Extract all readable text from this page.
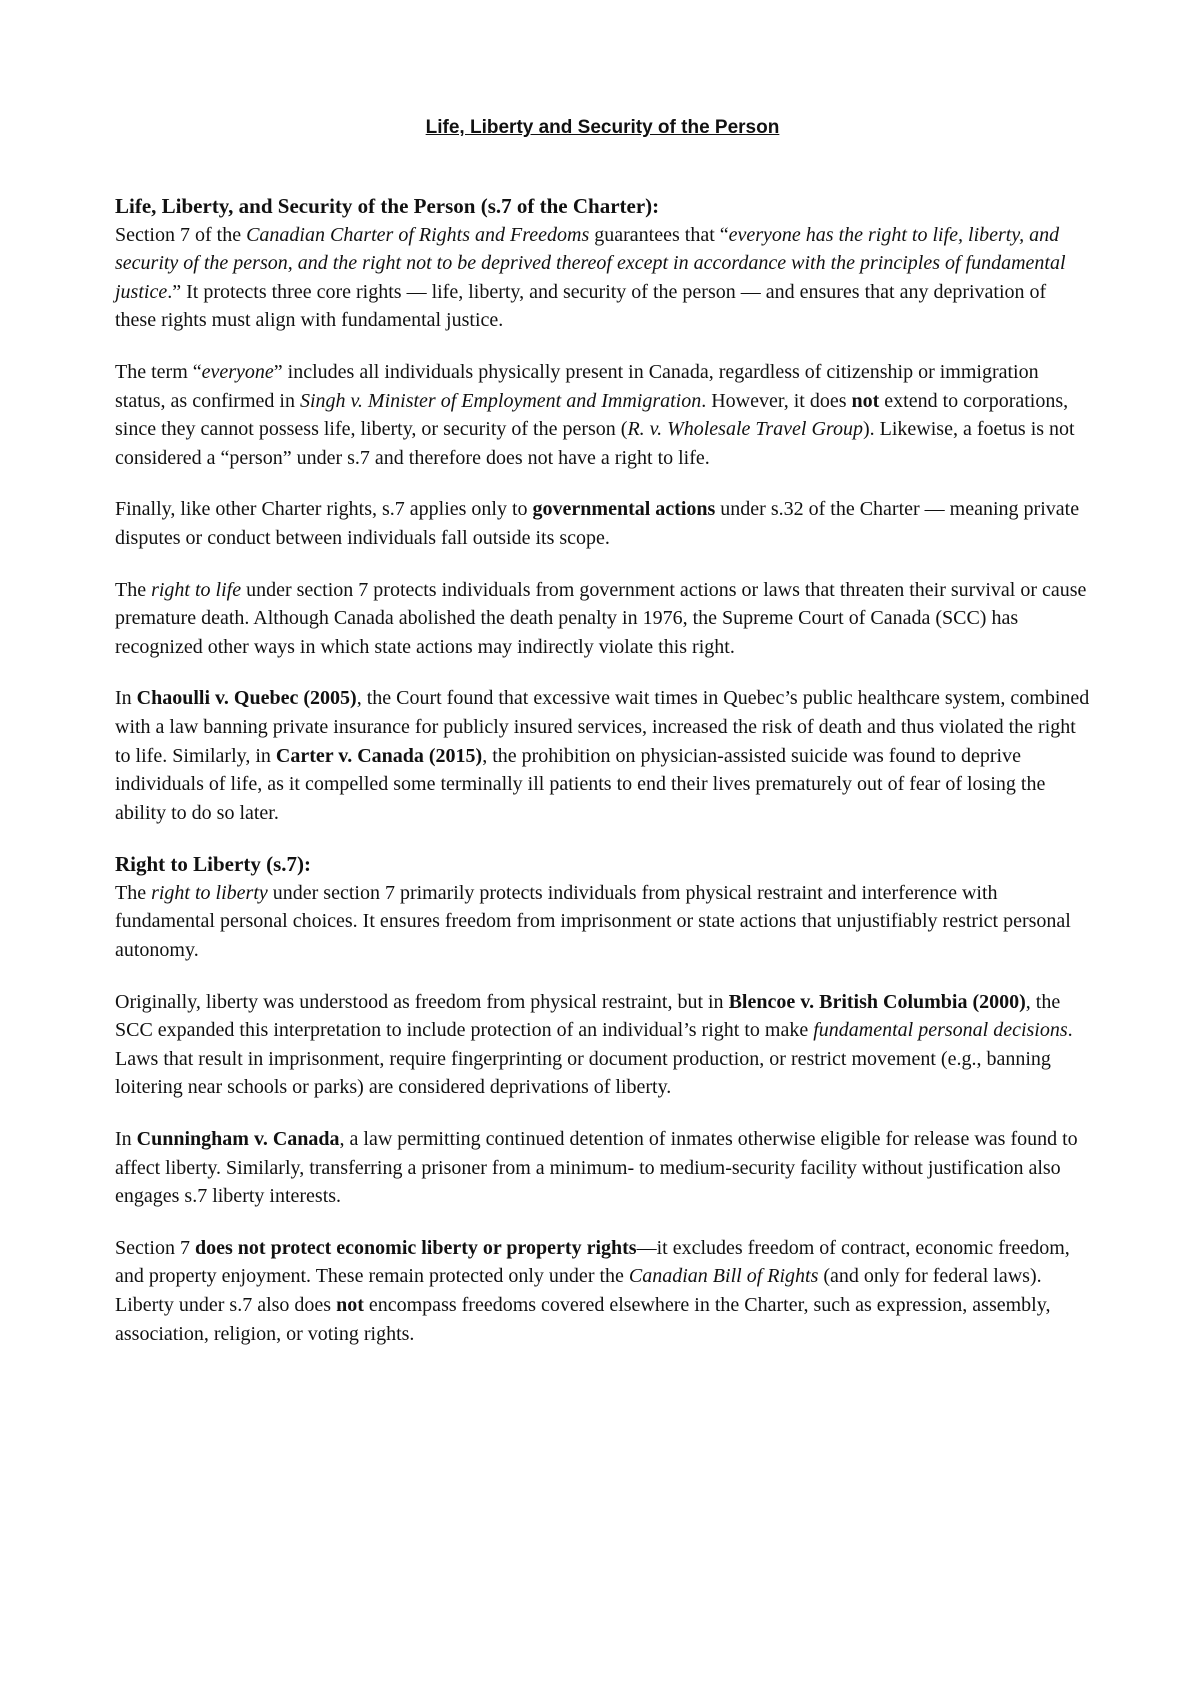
Life, Liberty and Security of the Person
Life, Liberty, and Security of the Person (s.7 of the Charter):

Section 7 of the Canadian Charter of Rights and Freedoms guarantees that “everyone has the right to life, liberty, and security of the person, and the right not to be deprived thereof except in accordance with the principles of fundamental justice.” It protects three core rights — life, liberty, and security of the person — and ensures that any deprivation of these rights must align with fundamental justice.

The term “everyone” includes all individuals physically present in Canada, regardless of citizenship or immigration status, as confirmed in Singh v. Minister of Employment and Immigration. However, it does not extend to corporations, since they cannot possess life, liberty, or security of the person (R. v. Wholesale Travel Group). Likewise, a foetus is not considered a “person” under s.7 and therefore does not have a right to life.

Finally, like other Charter rights, s.7 applies only to governmental actions under s.32 of the Charter — meaning private disputes or conduct between individuals fall outside its scope.

The right to life under section 7 protects individuals from government actions or laws that threaten their survival or cause premature death. Although Canada abolished the death penalty in 1976, the Supreme Court of Canada (SCC) has recognized other ways in which state actions may indirectly violate this right.

In Chaoulli v. Quebec (2005), the Court found that excessive wait times in Quebec’s public healthcare system, combined with a law banning private insurance for publicly insured services, increased the risk of death and thus violated the right to life. Similarly, in Carter v. Canada (2015), the prohibition on physician-assisted suicide was found to deprive individuals of life, as it compelled some terminally ill patients to end their lives prematurely out of fear of losing the ability to do so later.

Right to Liberty (s.7):

The right to liberty under section 7 primarily protects individuals from physical restraint and interference with fundamental personal choices. It ensures freedom from imprisonment or state actions that unjustifiably restrict personal autonomy.

Originally, liberty was understood as freedom from physical restraint, but in Blencoe v. British Columbia (2000), the SCC expanded this interpretation to include protection of an individual’s right to make fundamental personal decisions. Laws that result in imprisonment, require fingerprinting or document production, or restrict movement (e.g., banning loitering near schools or parks) are considered deprivations of liberty.

In Cunningham v. Canada, a law permitting continued detention of inmates otherwise eligible for release was found to affect liberty. Similarly, transferring a prisoner from a minimum- to medium-security facility without justification also engages s.7 liberty interests.

Section 7 does not protect economic liberty or property rights—it excludes freedom of contract, economic freedom, and property enjoyment. These remain protected only under the Canadian Bill of Rights (and only for federal laws). Liberty under s.7 also does not encompass freedoms covered elsewhere in the Charter, such as expression, assembly, association, religion, or voting rights.
